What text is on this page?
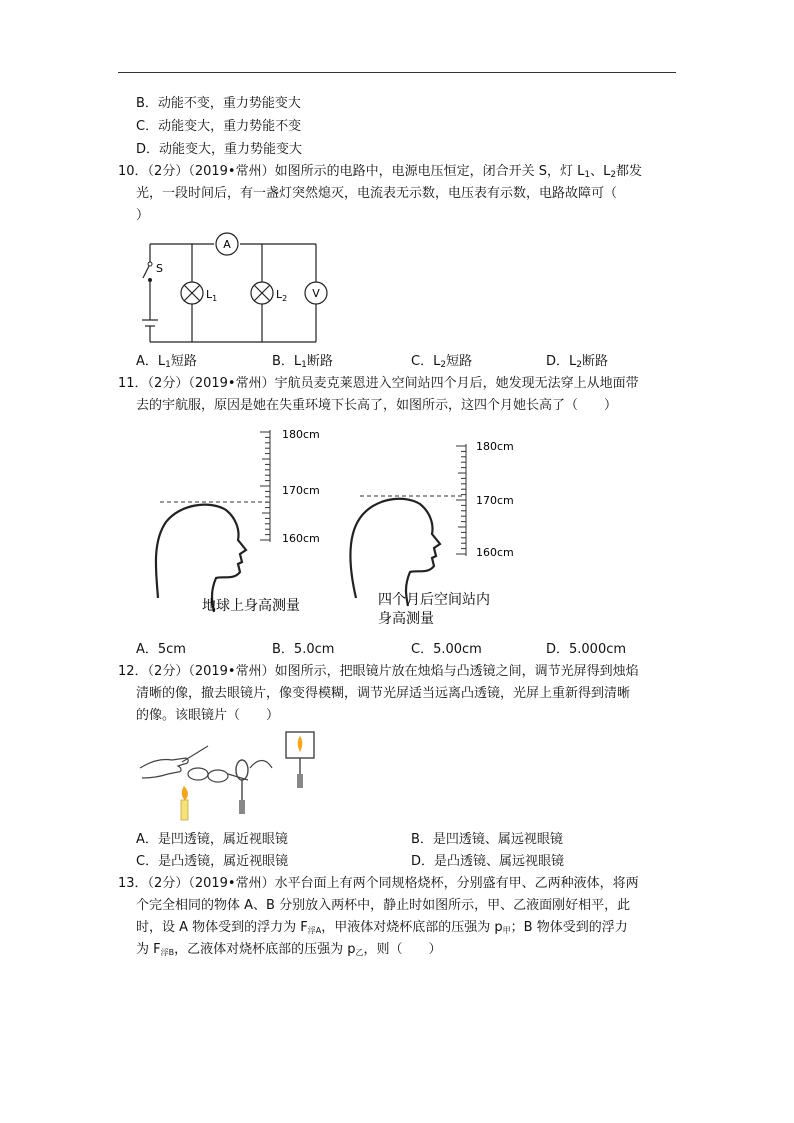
B．动能不变，重力势能变大
C．动能变大，重力势能不变
D．动能变大，重力势能变大
10．（2分）（2019•常州）如图所示的电路中，电源电压恒定，闭合开关 S，灯 $L_1$、$L_2$都发
光，一段时间后，有一盏灯突然熄灭，电流表无示数，电压表有示数，电路故障可（
）
A
$L_1$	$L_2$ V
S
A．$L_1$短路	B．$L_1$断路	C．$L_2$短路	D．$L_2$断路
11．（2分）（2019•常州）宇航员麦克莱恩进入空间站四个月后，她发现无法穿上从地面带
去的宇航服，原因是她在失重环境下长高了，如图所示，这四个月她长高了（　　）
180cm
170cm
160cm
180cm
170cm
160cm
地球上身高测量	四个月后空间站内
身高测量
A．5cm	B．5.0cm	C．5.00cm	D．5.000cm
12．（2分）（2019•常州）如图所示，把眼镜片放在烛焰与凸透镜之间，调节光屏得到烛焰
清晰的像，撤去眼镜片，像变得模糊，调节光屏适当远离凸透镜，光屏上重新得到清晰
的像。该眼镜片（　　）
A．是凹透镜，属近视眼镜	B．是凹透镜、属远视眼镜
C．是凸透镜，属近视眼镜	D．是凸透镜、属远视眼镜
13．（2分）（2019•常州）水平台面上有两个同规格烧杯，分别盛有甲、乙两种液体，将两
个完全相同的物体 A、B 分别放入两杯中，静止时如图所示，甲、乙液面刚好相平，此
时，设 A 物体受到的浮力为 $F_{浮A}$，甲液体对烧杯底部的压强为 $p_甲$；B 物体受到的浮力
为 $F_{浮B}$，乙液体对烧杯底部的压强为 $p_乙$，则（　　）
